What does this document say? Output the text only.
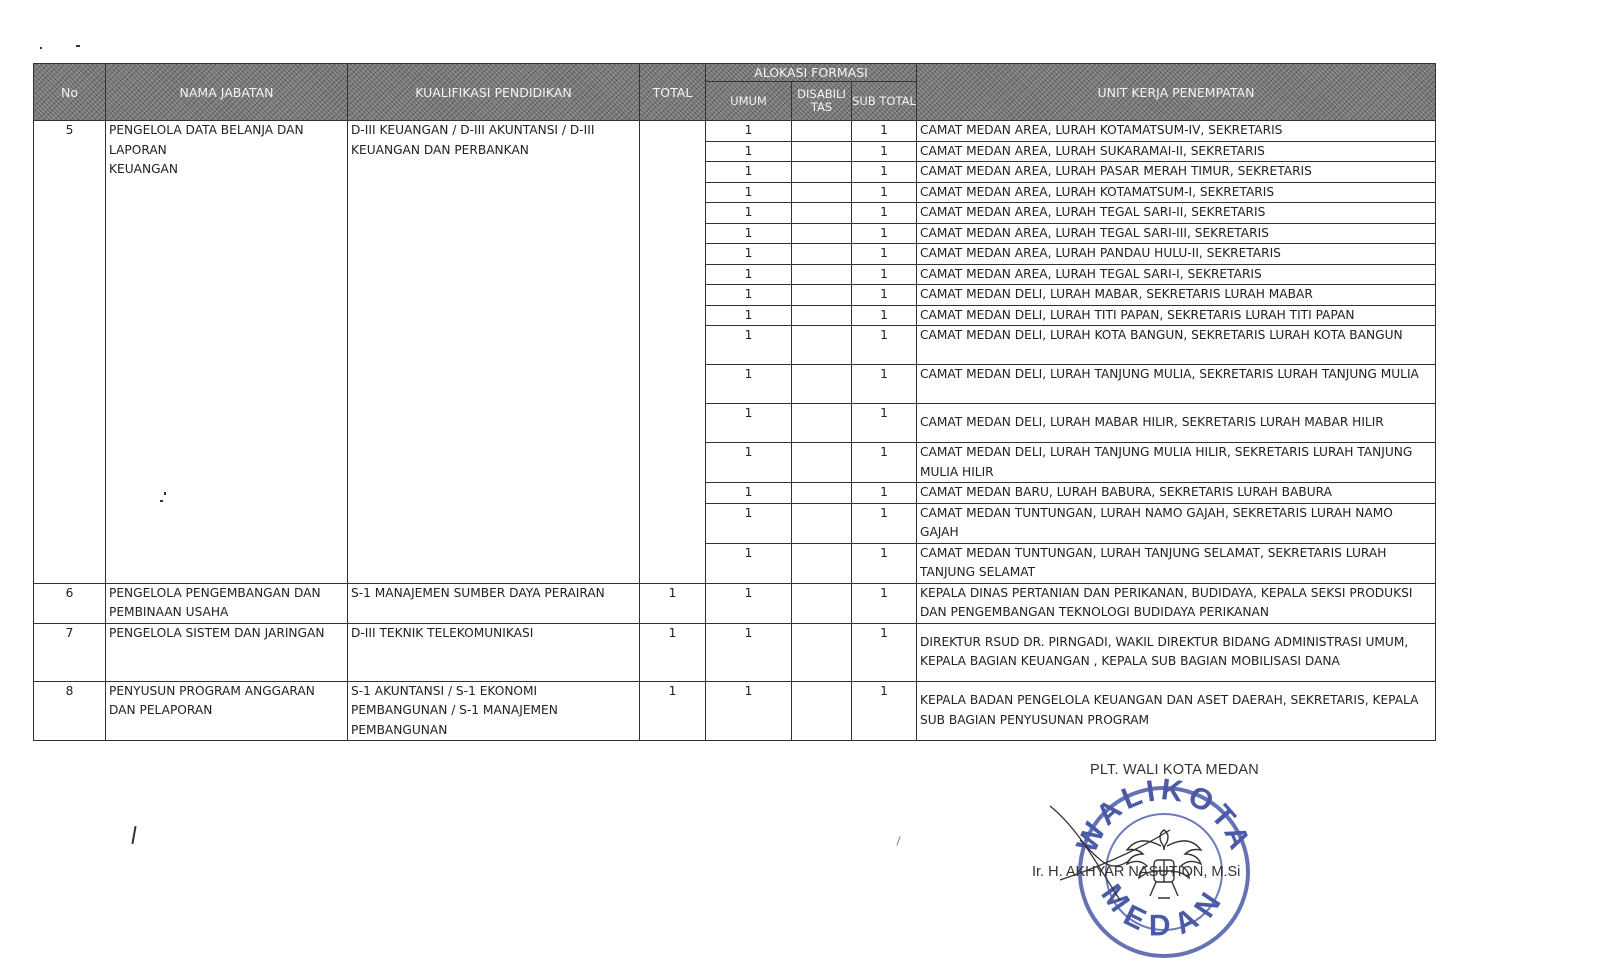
No	NAMA JABATAN	KUALIFIKASI PENDIDIKAN	TOTAL	ALOKASI FORMASI			UNIT KERJA PENEMPATAN
				UMUM	DISABILI TAS	SUB TOTAL	
5	PENGELOLA DATA BELANJA DAN
LAPORAN
KEUANGAN	D-III KEUANGAN / D-III AKUNTANSI / D-III KEUANGAN DAN PERBANKAN		1		1	CAMAT MEDAN AREA, LURAH KOTAMATSUM-IV, SEKRETARIS
				1		1	CAMAT MEDAN AREA, LURAH SUKARAMAI-II, SEKRETARIS
				1		1	CAMAT MEDAN AREA, LURAH PASAR MERAH TIMUR, SEKRETARIS
				1		1	CAMAT MEDAN AREA, LURAH KOTAMATSUM-I, SEKRETARIS
				1		1	CAMAT MEDAN AREA, LURAH TEGAL SARI-II, SEKRETARIS
				1		1	CAMAT MEDAN AREA, LURAH TEGAL SARI-III, SEKRETARIS
				1		1	CAMAT MEDAN AREA, LURAH PANDAU HULU-II, SEKRETARIS
				1		1	CAMAT MEDAN AREA, LURAH TEGAL SARI-I, SEKRETARIS
				1		1	CAMAT MEDAN DELI, LURAH MABAR, SEKRETARIS LURAH MABAR
				1		1	CAMAT MEDAN DELI, LURAH TITI PAPAN, SEKRETARIS LURAH TITI PAPAN
				1		1	CAMAT MEDAN DELI, LURAH KOTA BANGUN, SEKRETARIS LURAH KOTA BANGUN
				1		1	CAMAT MEDAN DELI, LURAH TANJUNG MULIA, SEKRETARIS LURAH TANJUNG MULIA
				1		1	CAMAT MEDAN DELI, LURAH MABAR HILIR, SEKRETARIS LURAH MABAR HILIR
				1		1	CAMAT MEDAN DELI, LURAH TANJUNG MULIA HILIR, SEKRETARIS LURAH TANJUNG MULIA HILIR
				1		1	CAMAT MEDAN BARU, LURAH BABURA, SEKRETARIS LURAH BABURA
				1		1	CAMAT MEDAN TUNTUNGAN, LURAH NAMO GAJAH, SEKRETARIS LURAH NAMO GAJAH
				1		1	CAMAT MEDAN TUNTUNGAN, LURAH TANJUNG SELAMAT, SEKRETARIS LURAH TANJUNG SELAMAT
6	PENGELOLA PENGEMBANGAN DAN PEMBINAAN USAHA	S-1 MANAJEMEN SUMBER DAYA PERAIRAN	1	1		1	KEPALA DINAS PERTANIAN DAN PERIKANAN, BUDIDAYA, KEPALA SEKSI PRODUKSI DAN PENGEMBANGAN TEKNOLOGI BUDIDAYA PERIKANAN
7	PENGELOLA SISTEM DAN JARINGAN	D-III TEKNIK TELEKOMUNIKASI	1	1		1	DIREKTUR RSUD DR. PIRNGADI, WAKIL DIREKTUR BIDANG ADMINISTRASI UMUM, KEPALA BAGIAN KEUANGAN , KEPALA SUB BAGIAN MOBILISASI DANA
8	PENYUSUN PROGRAM ANGGARAN DAN PELAPORAN	S-1 AKUNTANSI / S-1 EKONOMI PEMBANGUNAN / S-1 MANAJEMEN PEMBANGUNAN	1	1		1	KEPALA BADAN PENGELOLA KEUANGAN DAN ASET DAERAH, SEKRETARIS, KEPALA SUB BAGIAN PENYUSUNAN PROGRAM
WALIKOTA
MEDAN
PLT. WALI KOTA MEDAN
Ir. H. AKHYAR NASUTION, M.Si
